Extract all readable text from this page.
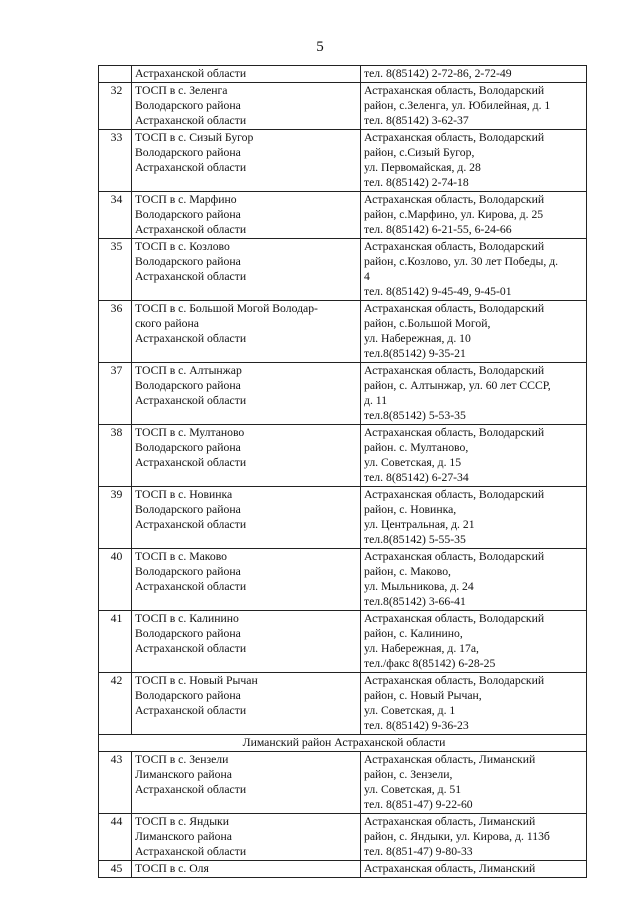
5

	Астраханской области	тел. 8(85142) 2-72-86, 2-72-49

32	ТОСП в с. Зеленга
Володарского района
Астраханской области	Астраханская область, Володарский
район, с.Зеленга, ул. Юбилейная, д. 1
тел. 8(85142) 3-62-37

33	ТОСП в с. Сизый Бугор
Володарского района
Астраханской области	Астраханская область, Володарский
район, с.Сизый Бугор,
ул. Первомайская, д. 28
тел. 8(85142) 2-74-18

34	ТОСП в с. Марфино
Володарского района
Астраханской области	Астраханская область, Володарский
район, с.Марфино, ул. Кирова, д. 25
тел. 8(85142) 6-21-55, 6-24-66

35	ТОСП в с. Козлово
Володарского района
Астраханской области	Астраханская область, Володарский
район, с.Козлово, ул. 30 лет Победы, д.
4
тел. 8(85142) 9-45-49, 9-45-01

36	ТОСП в с. Большой Могой Володар-
ского района
Астраханской области	Астраханская область, Володарский
район, с.Большой Могой,
ул. Набережная, д. 10
тел.8(85142) 9-35-21

37	ТОСП в с. Алтынжар
Володарского района
Астраханской области	Астраханская область, Володарский
район, с. Алтынжар, ул. 60 лет СССР,
д. 11
тел.8(85142) 5-53-35

38	ТОСП в с. Мултаново
Володарского района
Астраханской области	Астраханская область, Володарский
район. с. Мултаново,
ул. Советская, д. 15
тел. 8(85142) 6-27-34

39	ТОСП в с. Новинка
Володарского района
Астраханской области	Астраханская область, Володарский
район, с. Новинка,
ул. Центральная, д. 21
тел.8(85142) 5-55-35

40	ТОСП в с. Маково
Володарского района
Астраханской области	Астраханская область, Володарский
район, с. Маково,
ул. Мыльникова, д. 24
тел.8(85142) 3-66-41

41	ТОСП в с. Калинино
Володарского района
Астраханской области	Астраханская область, Володарский
район, с. Калинино,
ул. Набережная, д. 17а,
тел./факс 8(85142) 6-28-25

42	ТОСП в с. Новый Рычан
Володарского района
Астраханской области	Астраханская область, Володарский
район, с. Новый Рычан,
ул. Советская, д. 1
тел. 8(85142) 9-36-23

Лиманский район Астраханской области		
43	ТОСП в с. Зензели
Лиманского района
Астраханской области	Астраханская область, Лиманский
район, с. Зензели,
ул. Советская, д. 51
тел. 8(851-47) 9-22-60

44	ТОСП в с. Яндыки
Лиманского района
Астраханской области	Астраханская область, Лиманский
район, с. Яндыки, ул. Кирова, д. 113б
тел. 8(851-47) 9-80-33

45	ТОСП в с. Оля	Астраханская область, Лиманский
